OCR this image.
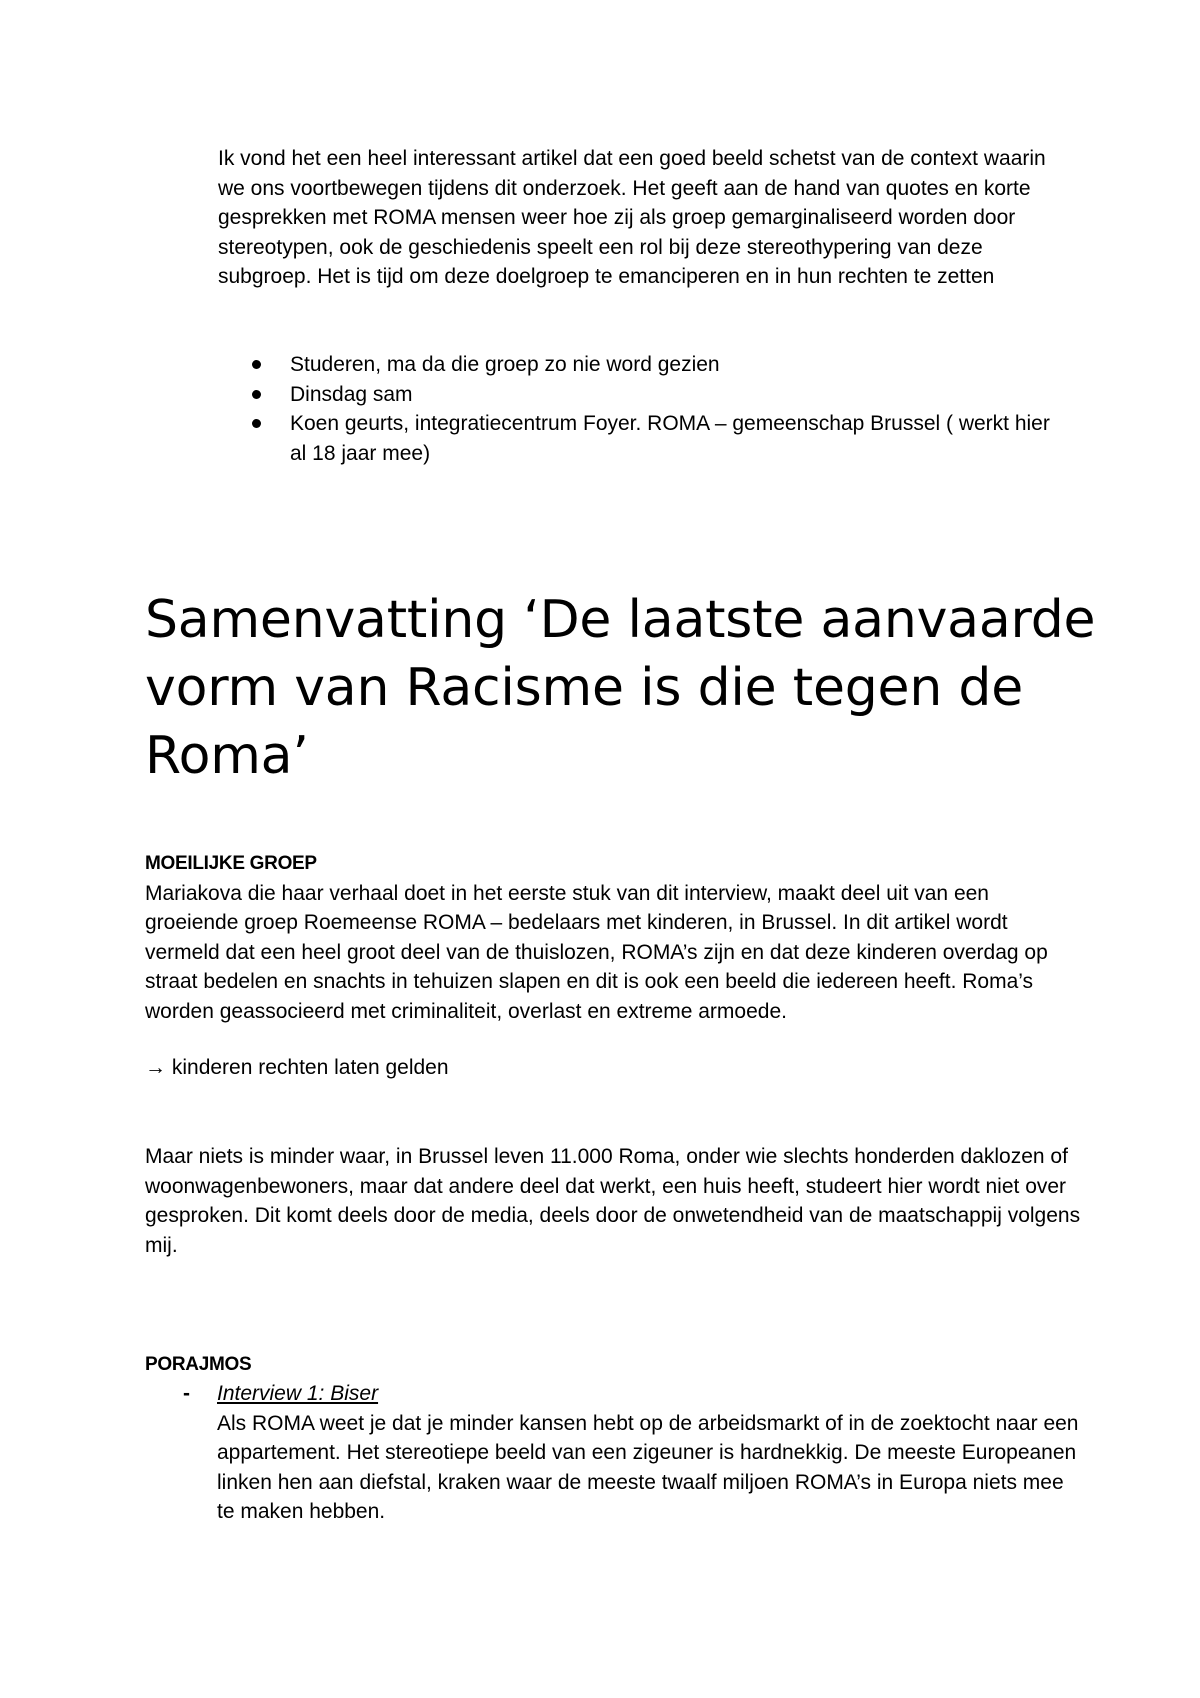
Ik vond het een heel interessant artikel dat een goed beeld schetst van de context waarin we ons voortbewegen tijdens dit onderzoek. Het geeft aan de hand van quotes en korte gesprekken met ROMA mensen weer hoe zij als groep gemarginaliseerd worden door stereotypen, ook de geschiedenis speelt een rol bij deze stereothypering van deze subgroep. Het is tijd om deze doelgroep te emanciperen en in hun rechten te zetten

Studeren, ma da die groep zo nie word gezien
Dinsdag sam
Koen geurts, integratiecentrum Foyer. ROMA – gemeenschap Brussel ( werkt hier al 18 jaar mee)
Samenvatting ‘De laatste aanvaarde vorm van Racisme is die tegen de Roma’
MOEILIJKE GROEP

Mariakova die haar verhaal doet in het eerste stuk van dit interview, maakt deel uit van een groeiende groep Roemeense ROMA – bedelaars met kinderen, in Brussel. In dit artikel wordt vermeld dat een heel groot deel van de thuislozen, ROMA’s zijn en dat deze kinderen overdag op straat bedelen en snachts in tehuizen slapen en dit is ook een beeld die iedereen heeft. Roma’s worden geassocieerd met criminaliteit, overlast en extreme armoede.

→ kinderen rechten laten gelden

Maar niets is minder waar, in Brussel leven 11.000 Roma, onder wie slechts honderden daklozen of woonwagenbewoners, maar dat andere deel dat werkt, een huis heeft, studeert hier wordt niet over gesproken. Dit komt deels door de media, deels door de onwetendheid van de maatschappij volgens mij.

PORAJMOS
- Interview 1: Biser
Als ROMA weet je dat je minder kansen hebt op de arbeidsmarkt of in de zoektocht naar een appartement. Het stereotiepe beeld van een zigeuner is hardnekkig. De meeste Europeanen linken hen aan diefstal, kraken waar de meeste twaalf miljoen ROMA’s in Europa niets mee te maken hebben.
